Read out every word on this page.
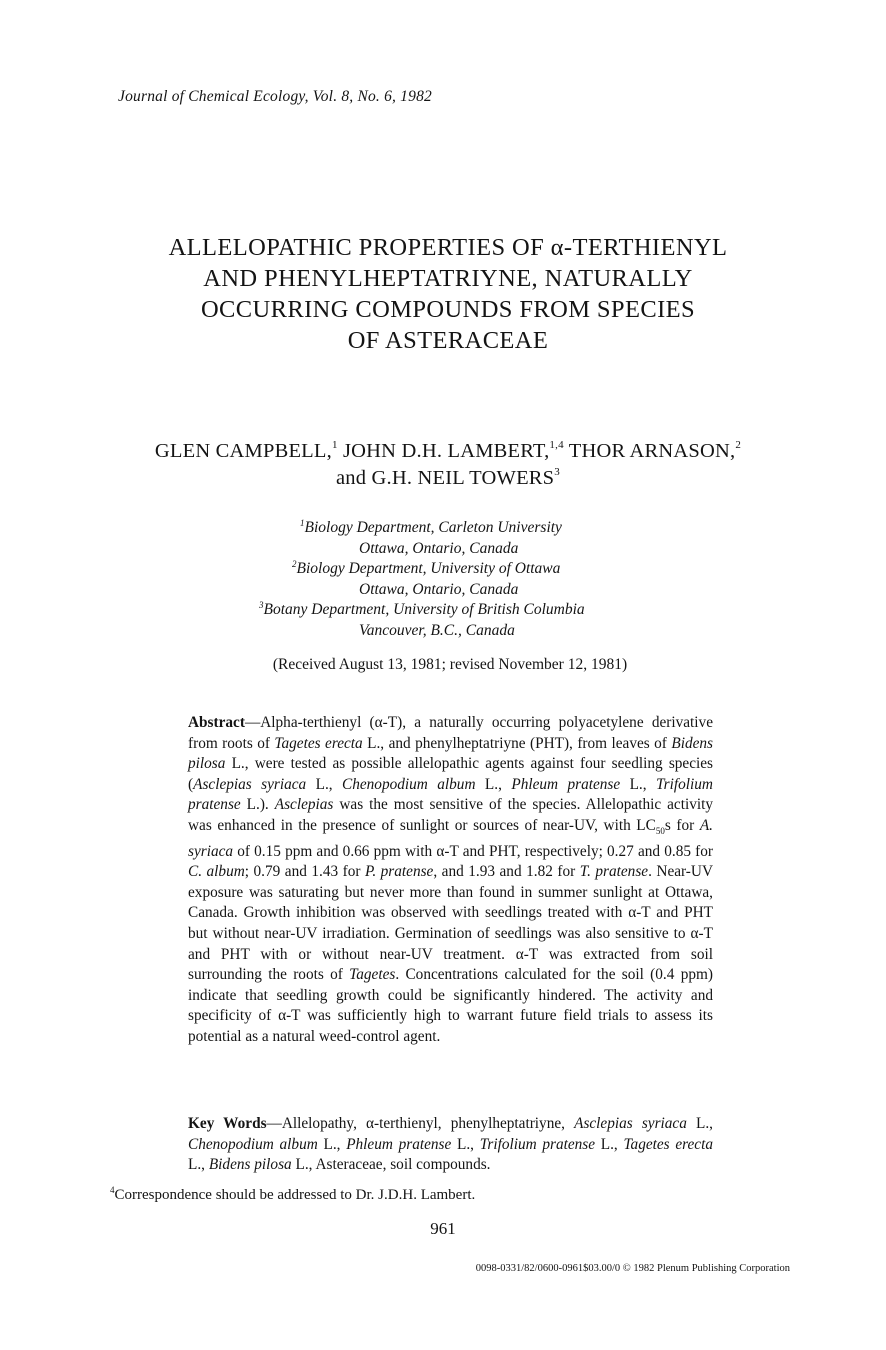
Journal of Chemical Ecology, Vol. 8, No. 6, 1982
ALLELOPATHIC PROPERTIES OF α-TERTHIENYL
AND PHENYLHEPTATRIYNE, NATURALLY
OCCURRING COMPOUNDS FROM SPECIES
OF ASTERACEAE
GLEN CAMPBELL,$^1$ JOHN D.H. LAMBERT,$^{1,4}$ THOR ARNASON,$^2$
and G.H. NEIL TOWERS$^3$
$^1$Biology Department, Carleton University
Ottawa, Ontario, Canada
$^2$Biology Department, University of Ottawa
Ottawa, Ontario, Canada
$^3$Botany Department, University of British Columbia
Vancouver, B.C., Canada
(Received August 13, 1981; revised November 12, 1981)
Abstract—Alpha-terthienyl (α-T), a naturally occurring polyacetylene derivative from roots of Tagetes erecta L., and phenylheptatriyne (PHT), from leaves of Bidens pilosa L., were tested as possible allelopathic agents against four seedling species (Asclepias syriaca L., Chenopodium album L., Phleum pratense L., Trifolium pratense L.). Asclepias was the most sensitive of the species. Allelopathic activity was enhanced in the presence of sunlight or sources of near-UV, with $LC_{50}s$ for A. syriaca of 0.15 ppm and 0.66 ppm with α-T and PHT, respectively; 0.27 and 0.85 for C. album; 0.79 and 1.43 for P. pratense, and 1.93 and 1.82 for T. pratense. Near-UV exposure was saturating but never more than found in summer sunlight at Ottawa, Canada. Growth inhibition was observed with seedlings treated with α-T and PHT but without near-UV irradiation. Germination of seedlings was also sensitive to α-T and PHT with or without near-UV treatment. α-T was extracted from soil surrounding the roots of Tagetes. Concentrations calculated for the soil (0.4 ppm) indicate that seedling growth could be significantly hindered. The activity and specificity of α-T was sufficiently high to warrant future field trials to assess its potential as a natural weed-control agent.
Key Words—Allelopathy, α-terthienyl, phenylheptatriyne, Asclepias syriaca L., Chenopodium album L., Phleum pratense L., Trifolium pratense L., Tagetes erecta L., Bidens pilosa L., Asteraceae, soil compounds.
$^4$Correspondence should be addressed to Dr. J.D.H. Lambert.
961
0098-0331/82/0600-0961$03.00/0 © 1982 Plenum Publishing Corporation
